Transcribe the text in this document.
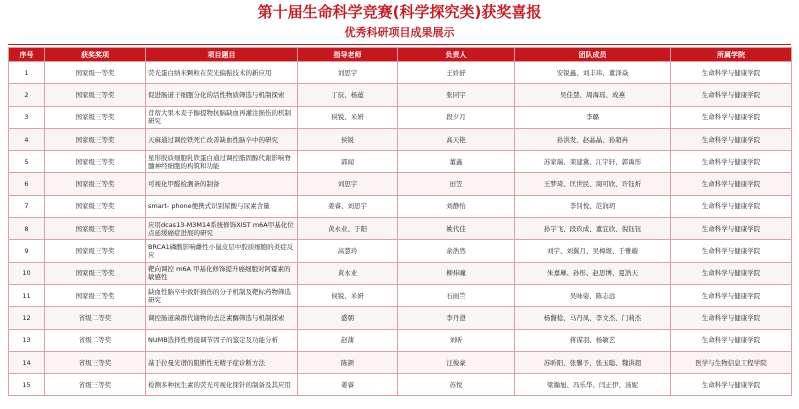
第十届生命科学竞赛(科学探究类)获奖喜报
优秀科研项目成果展示
序号	获奖奖项	项目题目	指导老师	负责人	团队成员	所属学院
1	国家级一等奖	荧光蛋白纳米颗粒在荧光偏振技术的新应用	刘思宇	王姈舒	安锐鑫、刘丰玮、董泽焱	生命科学与健康学院
2	国家级三等奖	促进肠道干细胞分化的活性物质筛选与机制探索	丁辰、杨蕴	张同宇	吴佳慧、周海瑶、成燕	生命科学与健康学院
3	国家级三等奖	苜蓿大果木麦子醇提物抗脑缺血再灌注损伤的机制研究	侯锐、米妍	段夕月	李璐	生命科学与健康学院
4	国家级三等奖	天麻通过调控铁死亡改善缺血性脑卒中的研究	侯锐	高天艳	孙洪发、赵晶晶、孙超冉	生命科学与健康学院
5	国家级三等奖	星形胶质细胞乳铁蛋白通过调控脂固醇代谢影响脊髓神经细胞的构筑和功能	郭闻	董鑫	苏家瑞、栾建冀、江宇轩、郭禹彤	生命科学与健康学院
6	国家级三等奖	可视化甲醛检测条的制备	刘思宇	田笠	王梦琦、匡世民、周可欣、许钰炘	生命科学与健康学院
7	国家级三等奖	smart- phone便携式识别尿酸与尿素含量	姜睿、刘思宇	刘静怡	李钊悦、范润玥	生命科学与健康学院
8	国家级三等奖	应用dcas13-M3M14系统修饰XIST m6A甲基化位点延缓癌症进展的研究	黄永业、于阳	姚代佳	孙宇飞、段玖成、董宜欣、倪钰钰	生命科学与健康学院
9	国家级三等奖	BRCA1磷酸影响雌性小鼠皮层中胶质细胞的炎症反应	高慧玲	余浩然	刘宇、刘翼月、吴樟煜、于雅璇	生命科学与健康学院
10	国家级三等奖	靶向调控 m6A 甲基化修饰提升癌细胞对阿霉素的敏感性	黄永业	柳炜曈	朱嘉琳、孙彤、赵思博、夏浩天	生命科学与健康学院
11	国家级三等奖	缺血性脑卒中致肝损伤的分子机制及靶标药物筛选研究	侯锐、米妍	石雨竺	吴咏姿、陈志远	生命科学与健康学院
12	省级二等奖	调控肠道菌群代谢物的去泛素酶筛选与机制探索	盛朝	李丹澄	杨馥稔、马丹凤、李文杰、门莉杰	生命科学与健康学院
13	省级二等奖	NUMB选择性剪接调节因子的鉴定及功能分析	赵蒲	刘昕	蒋谋羽、杨敏艺	生命科学与健康学院
14	省级三等奖	基于拉曼光谱的阻断性无精子症诊断方法	陈颉	汪俊豪	苏昕阳、张馨予、张玉聪、魏洪超	医学与生物信息工程学院
15	省级三等奖	检测多种抗生素的荧光可视化探针的制备及其应用	姜睿	苏悦	梁瀚旭、冯乐华、闫正伊、汤妮	生命科学与健康学院
